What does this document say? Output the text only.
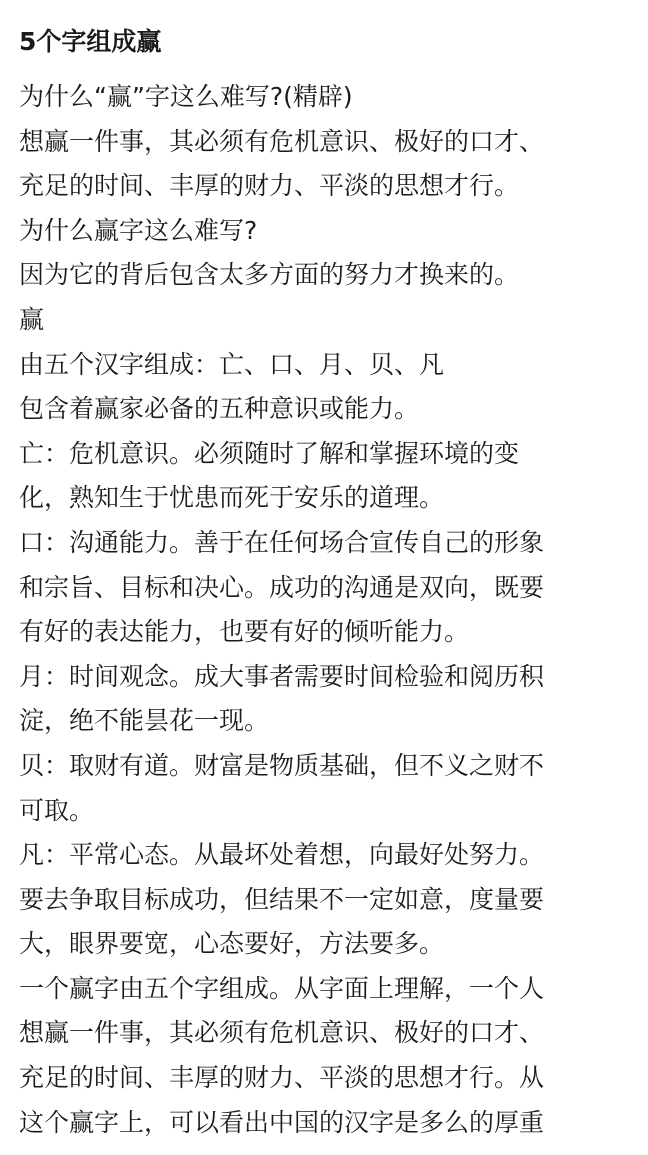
5个字组成赢
为什么“赢”字这么难写?(精辟)
想赢一件事，其必须有危机意识、极好的口才、
充足的时间、丰厚的财力、平淡的思想才行。
为什么赢字这么难写?
因为它的背后包含太多方面的努力才换来的。
赢
由五个汉字组成：亡、口、月、贝、凡
包含着赢家必备的五种意识或能力。
亡：危机意识。必须随时了解和掌握环境的变
化，熟知生于忧患而死于安乐的道理。
口：沟通能力。善于在任何场合宣传自己的形象
和宗旨、目标和决心。成功的沟通是双向，既要
有好的表达能力，也要有好的倾听能力。
月：时间观念。成大事者需要时间检验和阅历积
淀，绝不能昙花一现。
贝：取财有道。财富是物质基础，但不义之财不
可取。
凡：平常心态。从最坏处着想，向最好处努力。
要去争取目标成功，但结果不一定如意，度量要
大，眼界要宽，心态要好，方法要多。
一个赢字由五个字组成。从字面上理解，一个人
想赢一件事，其必须有危机意识、极好的口才、
充足的时间、丰厚的财力、平淡的思想才行。从
这个赢字上，可以看出中国的汉字是多么的厚重
